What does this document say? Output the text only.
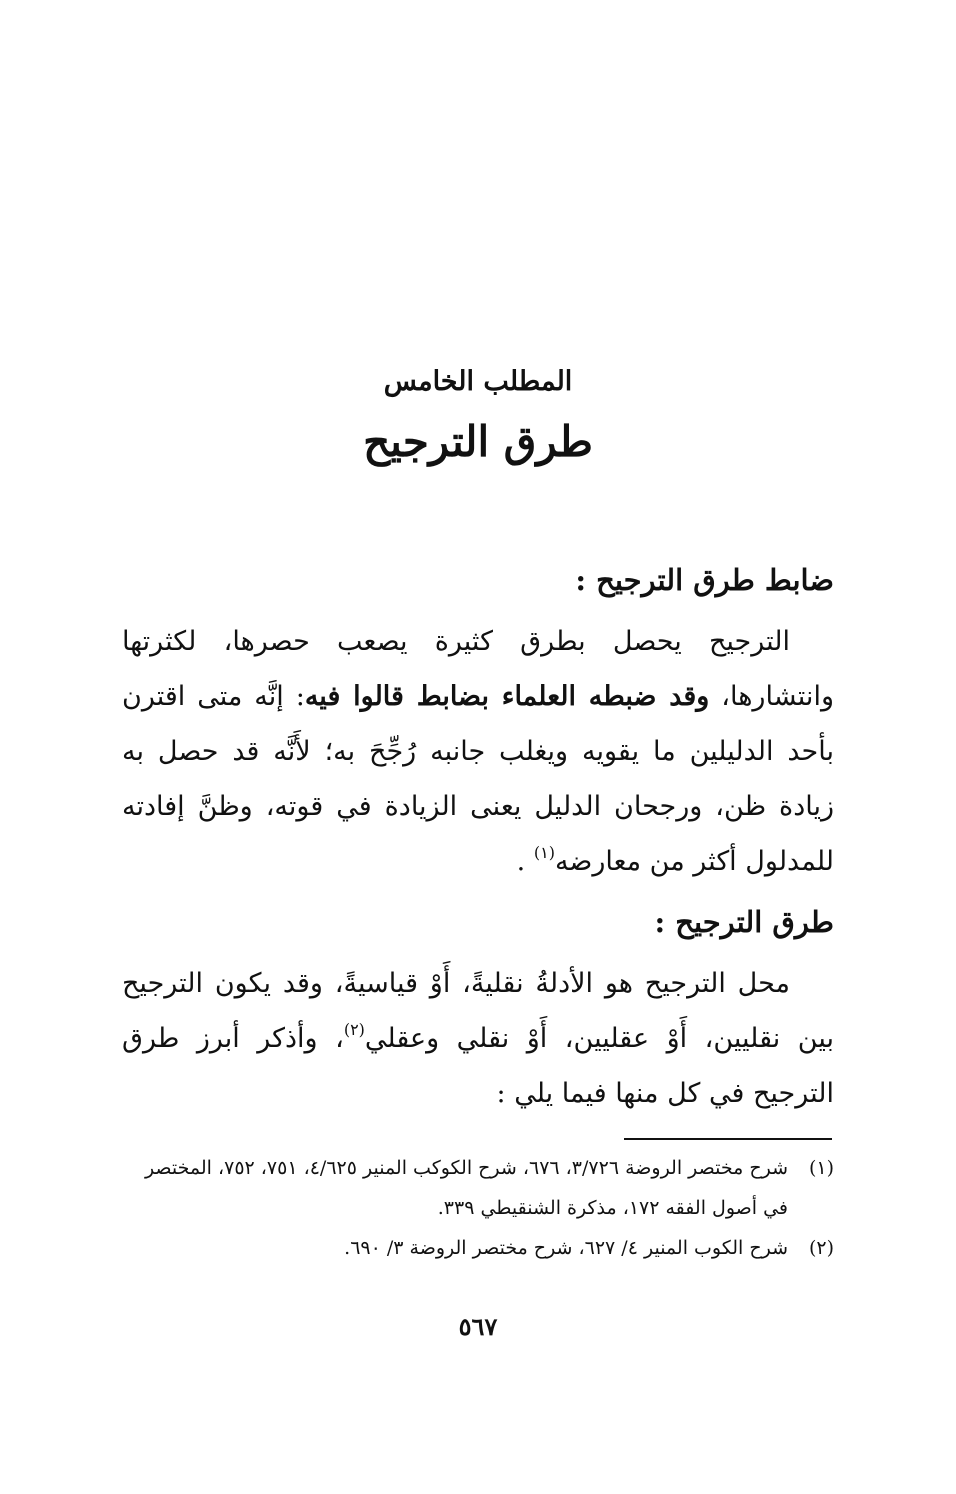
المطلب الخامس
طرق الترجيح

ضابط طرق الترجيح :

الترجيح يحصل بطرق كثيرة يصعب حصرها، لكثرتها وانتشارها، وقد ضبطه العلماء بضابط قالوا فيه: إنَّه متى اقترن بأحد الدليلين ما يقويه ويغلب جانبه رُجِّحَ به؛ لأَنَّه قد حصل به زيادة ظن، ورجحان الدليل يعنى الزيادة في قوته، وظنَّ إفادته للمدلول أكثر من معارضه$^{(١)}$ .

طرق الترجيح :

محل الترجيح هو الأدلةُ نقليةً، أَوْ قياسيةً، وقد يكون الترجيح بين نقليين، أَوْ عقليين، أَوْ نقلي وعقلي$^{(٢)}$، وأذكر أبرز طرق الترجيح في كل منها فيما يلي :

(١)
شرح مختصر الروضة ٣/٧٢٦، ٦٧٦، شرح الكوكب المنير ٤/٦٢٥، ٧٥١، ٧٥٢، المختصر في أصول الفقه ١٧٢، مذكرة الشنقيطي ٣٣٩.

(٢)
شرح الكوب المنير ٤/ ٦٢٧، شرح مختصر الروضة ٣/ ٦٩٠.

٥٦٧
